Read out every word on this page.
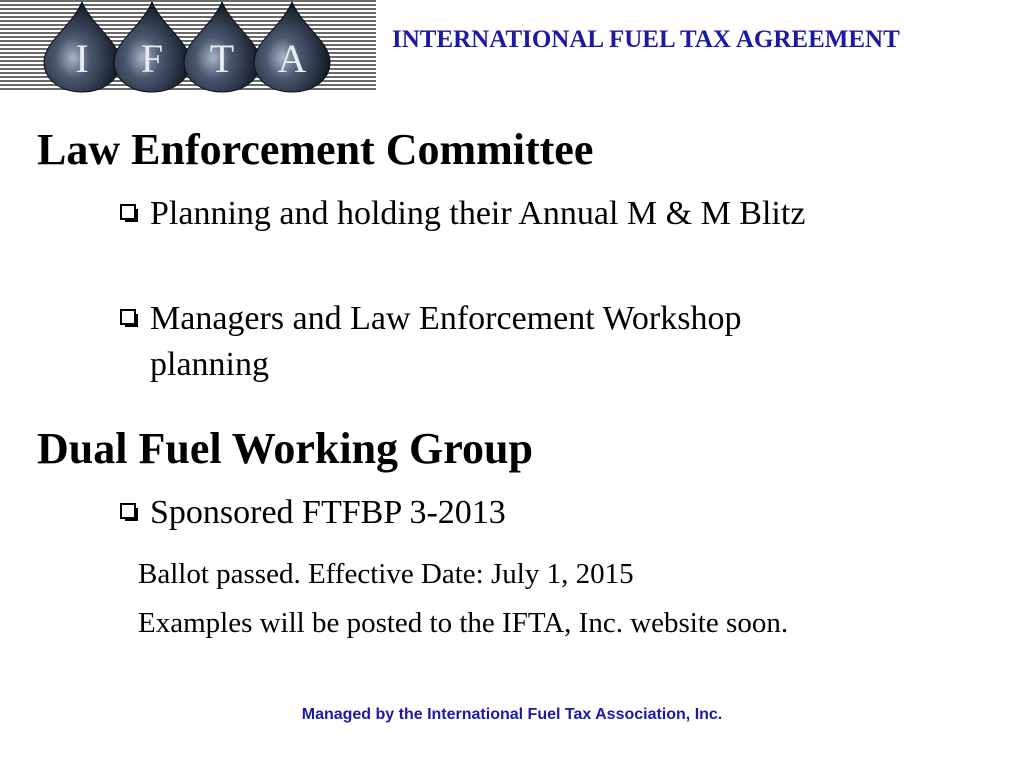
I F T A	INTERNATIONAL FUEL TAX AGREEMENT
Law Enforcement Committee
Planning and holding their Annual M & M Blitz
Managers and Law Enforcement Workshop planning
Dual Fuel Working Group
Sponsored FTFBP 3-2013
Ballot passed. Effective Date: July 1, 2015
Examples will be posted to the IFTA, Inc. website soon.
Managed by the International Fuel Tax Association, Inc.
